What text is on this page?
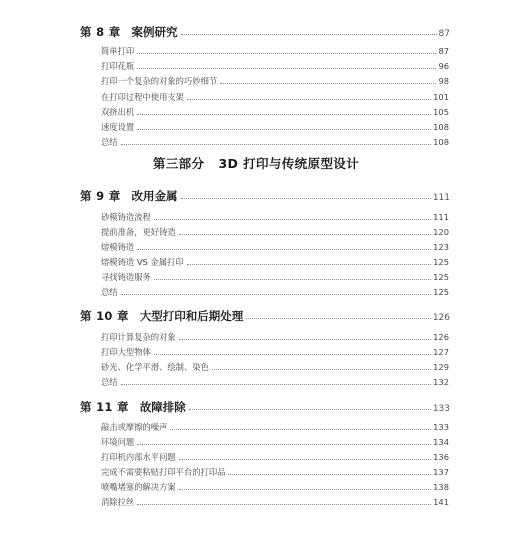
第 8 章 案例研究	87
简单打印	87
打印花瓶	96
打印一个复杂的对象的巧妙细节	98
在打印过程中使用支架	101
双挤出机	105
速度设置	108
总结	108
第三部分 3D 打印与传统原型设计
第 9 章 改用金属	111
砂模铸造流程	111
提前准备，更好铸造	120
熔模铸造	123
熔模铸造 VS 金属打印	125
寻找铸造服务	125
总结	125
第 10 章 大型打印和后期处理	126
打印计算复杂的对象	126
打印大型物体	127
砂光、化学平滑、绘制、染色	129
总结	132
第 11 章 故障排除	133
敲击或摩擦的噪声	133
环境问题	134
打印机内部水平问题	136
完成不需要粘贴打印平台的打印品	137
喷嘴堵塞的解决方案	138
消除拉丝	141
